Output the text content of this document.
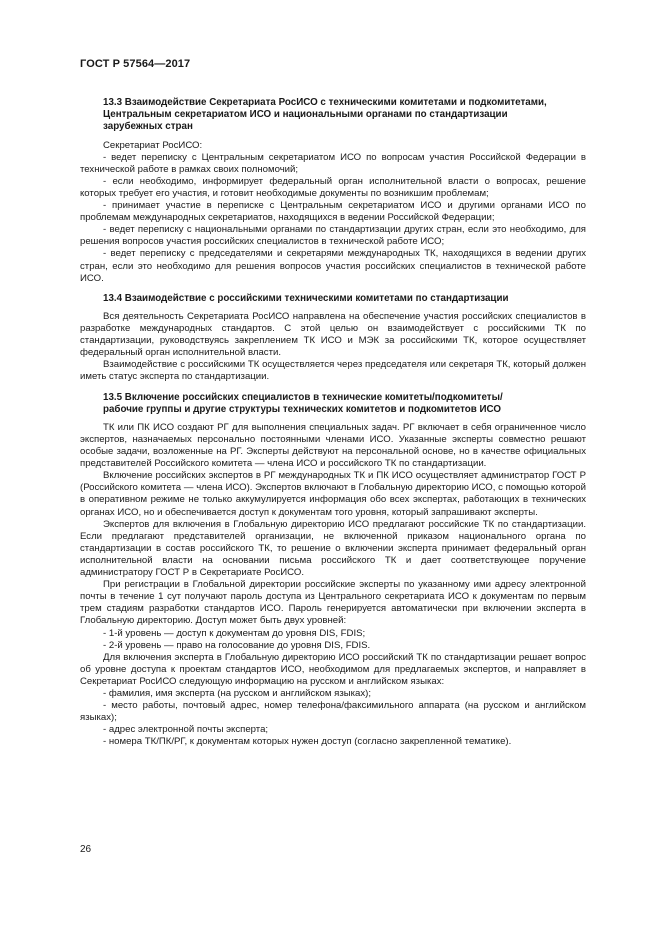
ГОСТ Р 57564—2017
13.3 Взаимодействие Секретариата РосИСО с техническими комитетами и подкомитетами,
Центральным секретариатом ИСО и национальными органами по стандартизации
зарубежных стран

Секретариат РосИСО:

- ведет переписку с Центральным секретариатом ИСО по вопросам участия Российской Федерации в технической работе в рамках своих полномочий;

- если необходимо, информирует федеральный орган исполнительной власти о вопросах, решение которых требует его участия, и готовит необходимые документы по возникшим проблемам;

- принимает участие в переписке с Центральным секретариатом ИСО и другими органами ИСО по проблемам международных секретариатов, находящихся в ведении Российской Федерации;

- ведет переписку с национальными органами по стандартизации других стран, если это необходимо, для решения вопросов участия российских специалистов в технической работе ИСО;

- ведет переписку с председателями и секретарями международных ТК, находящихся в ведении других стран, если это необходимо для решения вопросов участия российских специалистов в технической работе ИСО.

13.4 Взаимодействие с российскими техническими комитетами по стандартизации

Вся деятельность Секретариата РосИСО направлена на обеспечение участия российских специалистов в разработке международных стандартов. С этой целью он взаимодействует с российскими ТК по стандартизации, руководствуясь закреплением ТК ИСО и МЭК за российскими ТК, которое осуществляет федеральный орган исполнительной власти.

Взаимодействие с российскими ТК осуществляется через председателя или секретаря ТК, который должен иметь статус эксперта по стандартизации.

13.5 Включение российских специалистов в технические комитеты/подкомитеты/
рабочие группы и другие структуры технических комитетов и подкомитетов ИСО

ТК или ПК ИСО создают РГ для выполнения специальных задач. РГ включает в себя ограниченное число экспертов, назначаемых персонально постоянными членами ИСО. Указанные эксперты совместно решают особые задачи, возложенные на РГ. Эксперты действуют на персональной основе, но в качестве официальных представителей Российского комитета — члена ИСО и российского ТК по стандартизации.

Включение российских экспертов в РГ международных ТК и ПК ИСО осуществляет администратор ГОСТ Р (Российского комитета — члена ИСО). Экспертов включают в Глобальную директорию ИСО, с помощью которой в оперативном режиме не только аккумулируется информация обо всех экспертах, работающих в технических органах ИСО, но и обеспечивается доступ к документам того уровня, который запрашивают эксперты.

Экспертов для включения в Глобальную директорию ИСО предлагают российские ТК по стандартизации. Если предлагают представителей организации, не включенной приказом национального органа по стандартизации в состав российского ТК, то решение о включении эксперта принимает федеральный орган исполнительной власти на основании письма российского ТК и дает соответствующее поручение администратору ГОСТ Р в Секретариате РосИСО.

При регистрации в Глобальной директории российские эксперты по указанному ими адресу электронной почты в течение 1 сут получают пароль доступа из Центрального секретариата ИСО к документам по первым трем стадиям разработки стандартов ИСО. Пароль генерируется автоматически при включении эксперта в Глобальную директорию. Доступ может быть двух уровней:

- 1-й уровень — доступ к документам до уровня DIS, FDIS;

- 2-й уровень — право на голосование до уровня DIS, FDIS.

Для включения эксперта в Глобальную директорию ИСО российский ТК по стандартизации решает вопрос об уровне доступа к проектам стандартов ИСО, необходимом для предлагаемых экспертов, и направляет в Секретариат РосИСО следующую информацию на русском и английском языках:

- фамилия, имя эксперта (на русском и английском языках);

- место работы, почтовый адрес, номер телефона/факсимильного аппарата (на русском и английском языках);

- адрес электронной почты эксперта;

- номера ТК/ПК/РГ, к документам которых нужен доступ (согласно закрепленной тематике).

26
